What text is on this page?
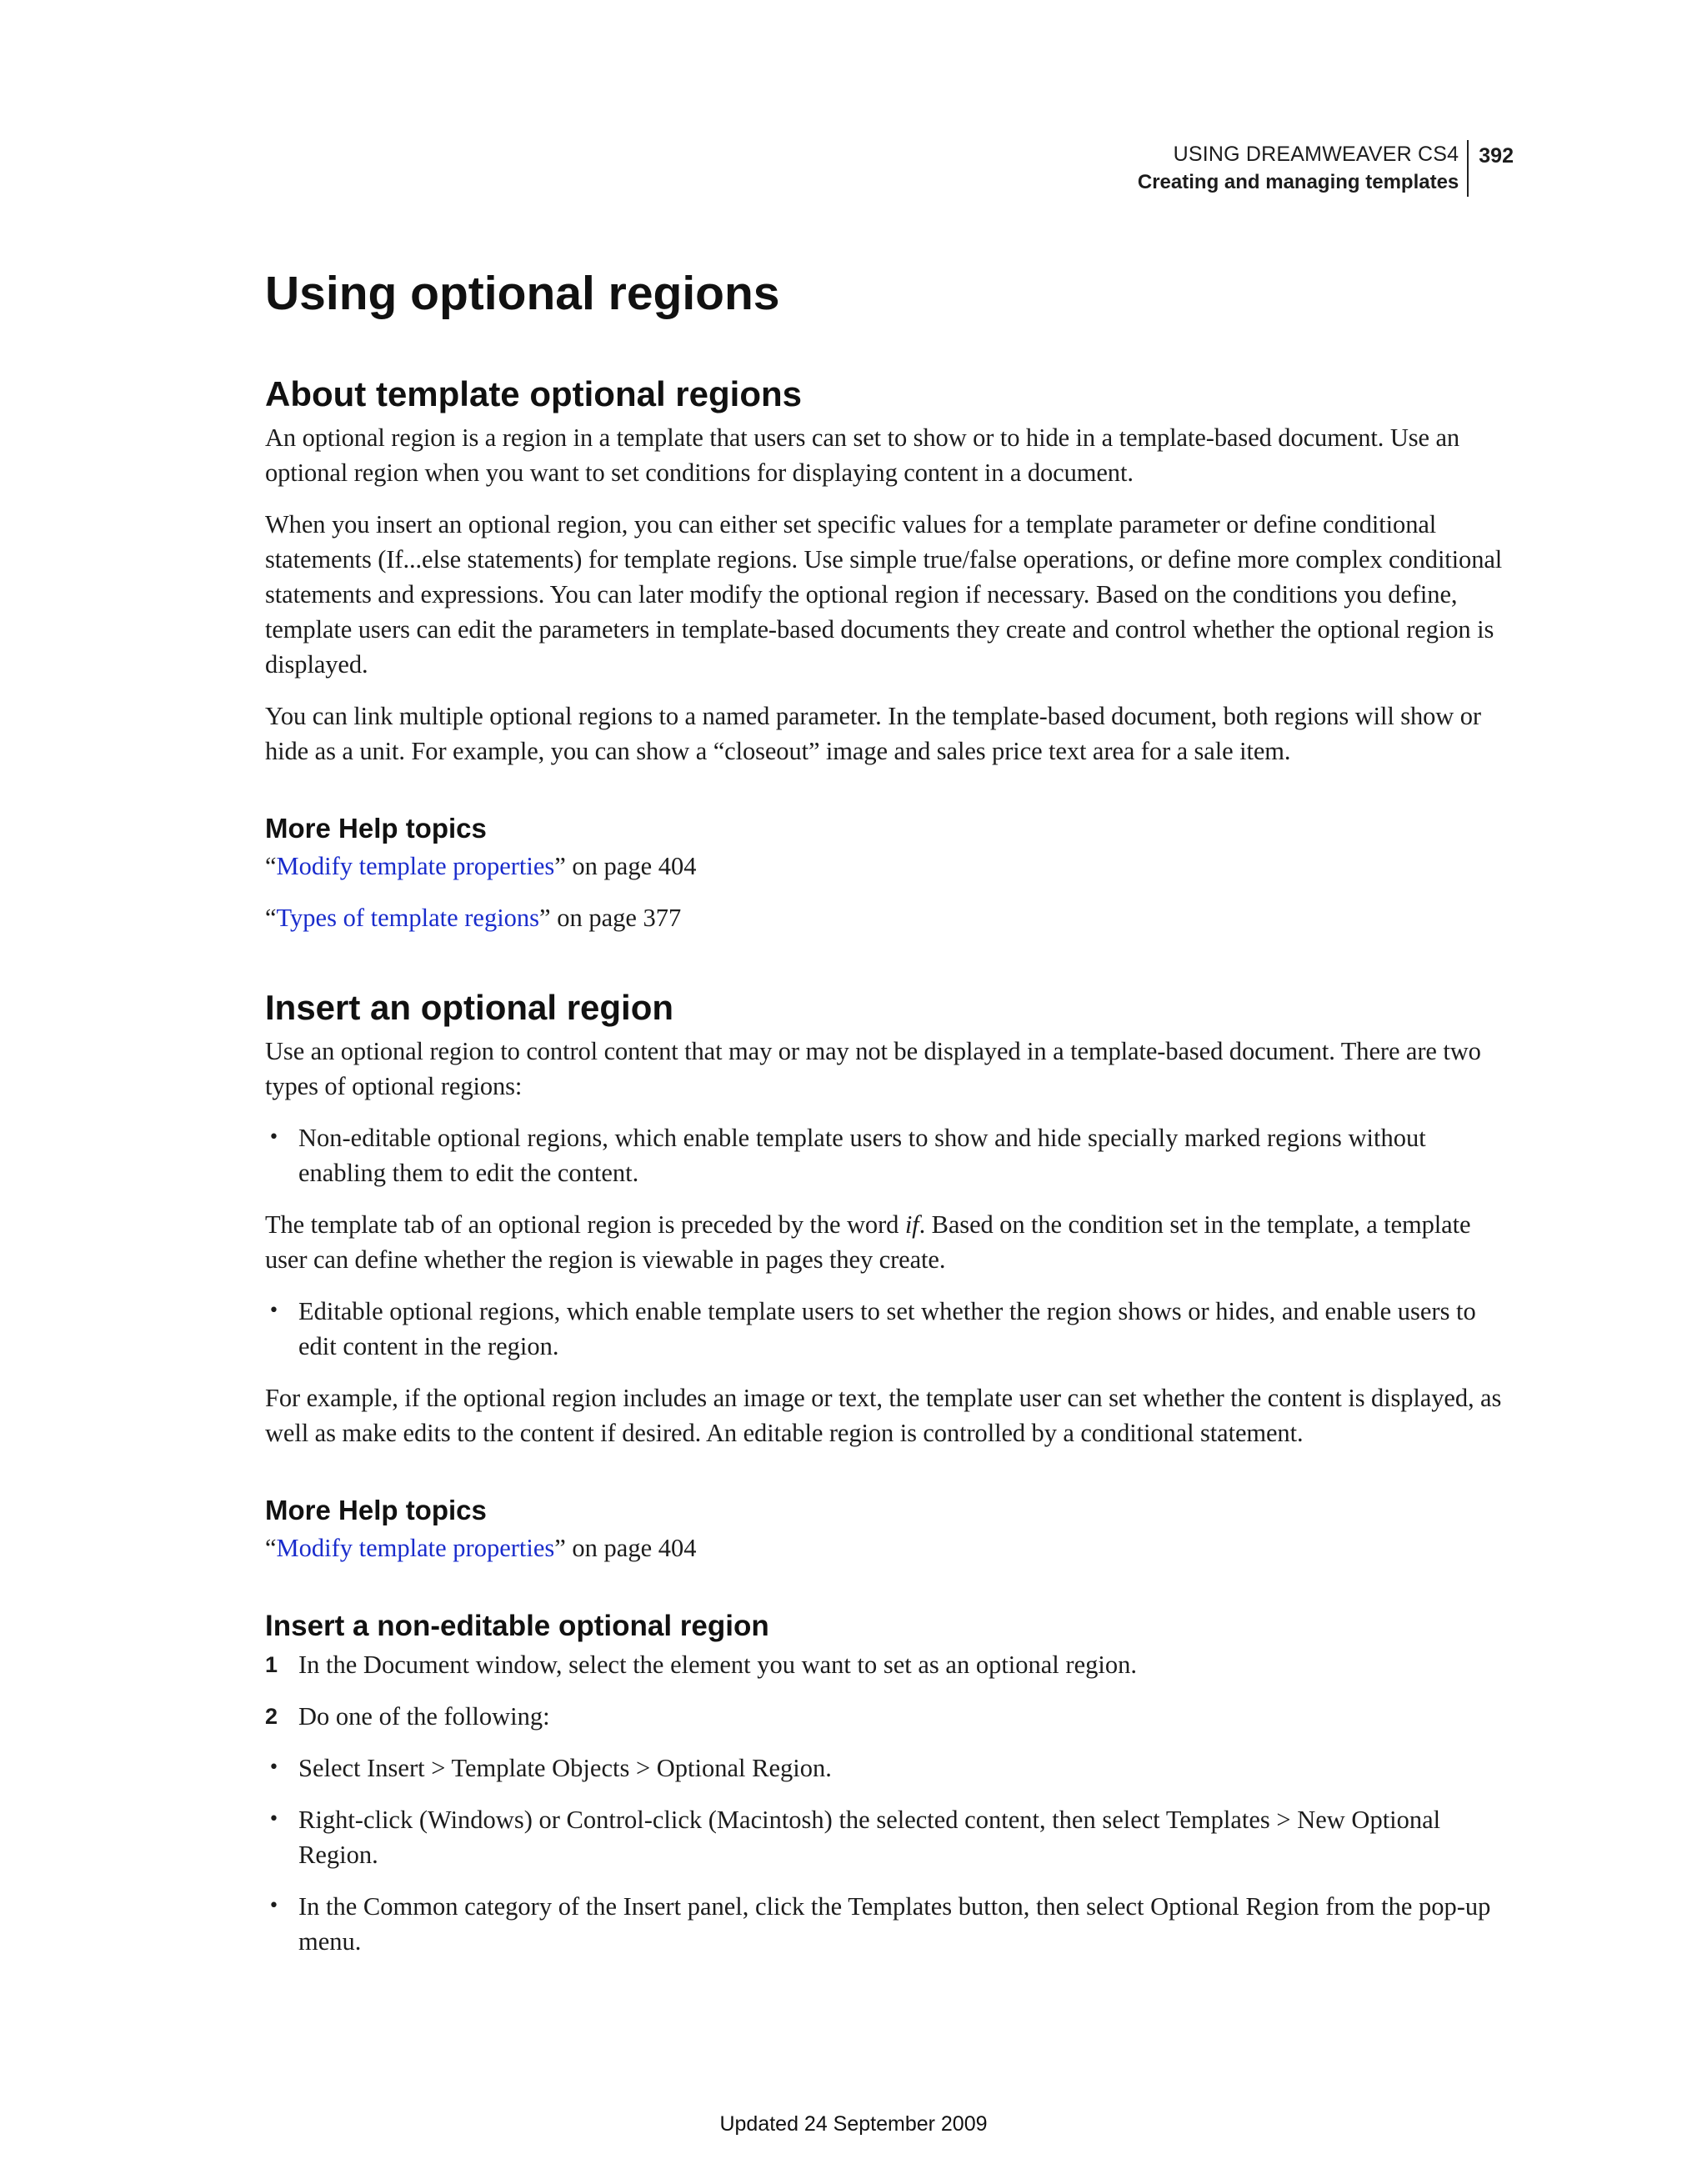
USING DREAMWEAVER CS4
Creating and managing templates
392
Using optional regions
About template optional regions

An optional region is a region in a template that users can set to show or to hide in a template-based document. Use an optional region when you want to set conditions for displaying content in a document.

When you insert an optional region, you can either set specific values for a template parameter or define conditional statements (If...else statements) for template regions. Use simple true/false operations, or define more complex conditional statements and expressions. You can later modify the optional region if necessary. Based on the conditions you define, template users can edit the parameters in template-based documents they create and control whether the optional region is displayed.

You can link multiple optional regions to a named parameter. In the template-based document, both regions will show or hide as a unit. For example, you can show a “closeout” image and sales price text area for a sale item.

More Help topics
“Modify template properties” on page 404
“Types of template regions” on page 377
Insert an optional region

Use an optional region to control content that may or may not be displayed in a template-based document. There are two types of optional regions:

• Non-editable optional regions, which enable template users to show and hide specially marked regions without enabling them to edit the content.

The template tab of an optional region is preceded by the word if. Based on the condition set in the template, a template user can define whether the region is viewable in pages they create.

• Editable optional regions, which enable template users to set whether the region shows or hides, and enable users to edit content in the region.

For example, if the optional region includes an image or text, the template user can set whether the content is displayed, as well as make edits to the content if desired. An editable region is controlled by a conditional statement.

More Help topics
“Modify template properties” on page 404
Insert a non-editable optional region
1 In the Document window, select the element you want to set as an optional region.
2 Do one of the following:
• Select Insert > Template Objects > Optional Region.
• Right-click (Windows) or Control-click (Macintosh) the selected content, then select Templates > New Optional Region.
• In the Common category of the Insert panel, click the Templates button, then select Optional Region from the pop-up menu.
Updated 24 September 2009
